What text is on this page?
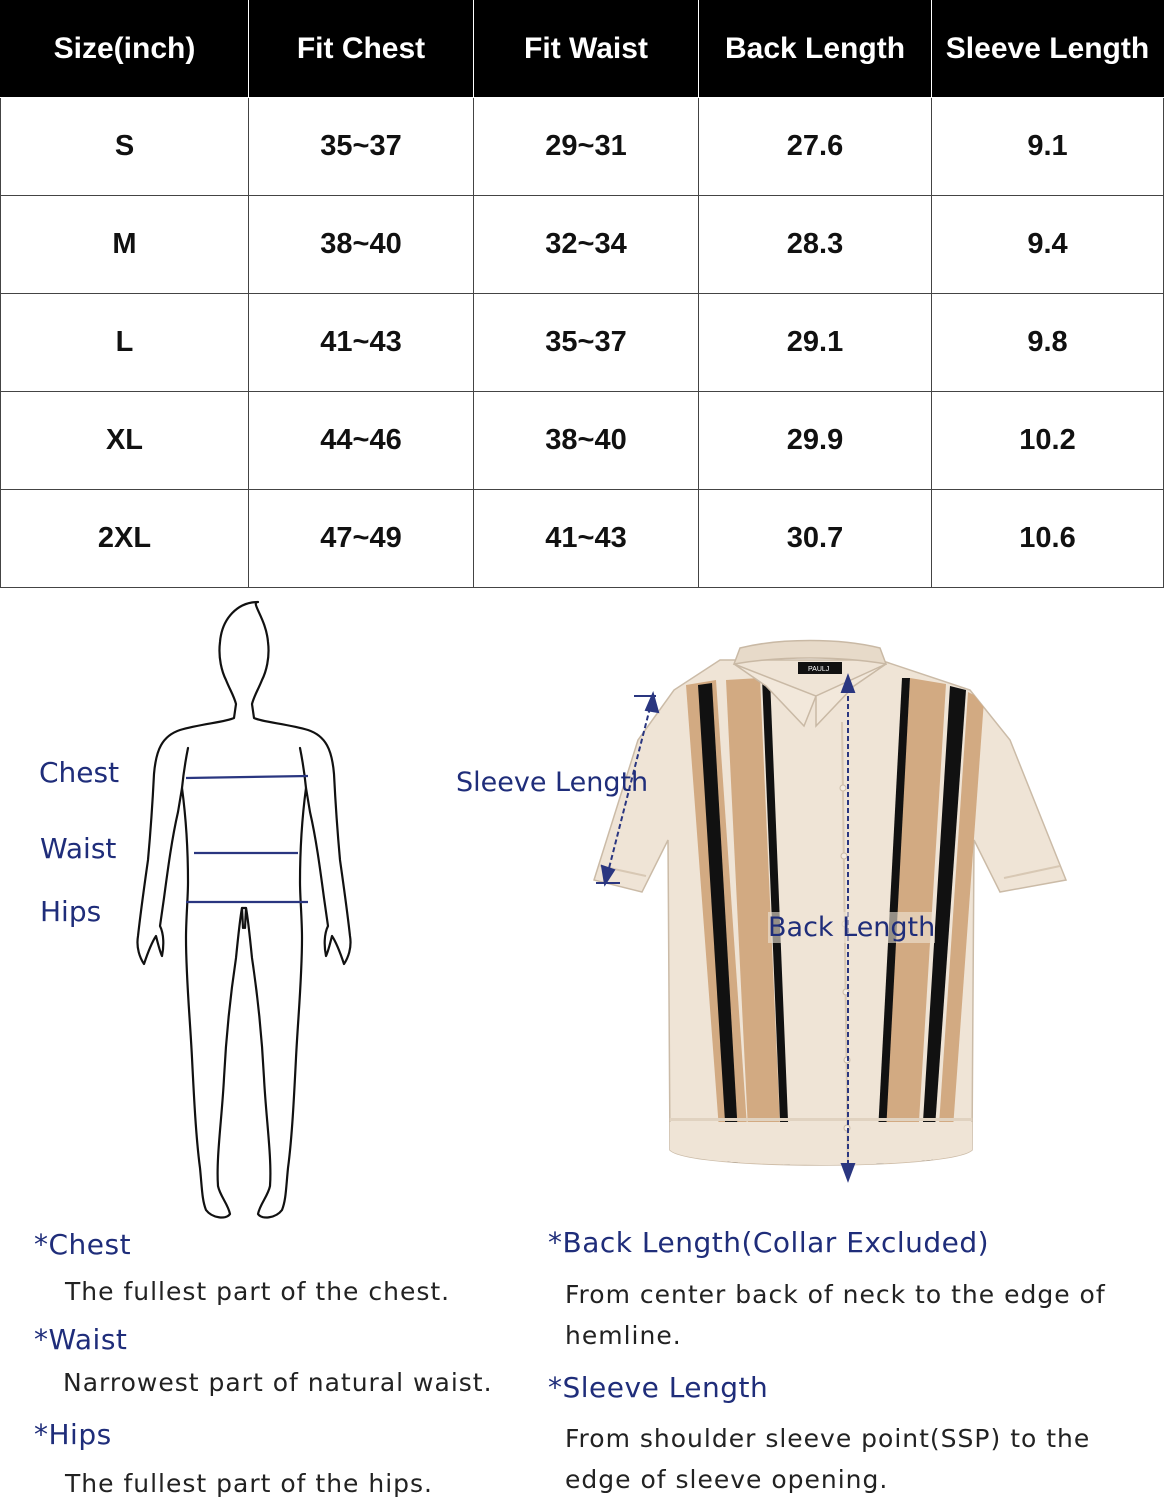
Size(inch)	Fit Chest	Fit Waist	Back Length	Sleeve Length
S	35~37	29~31	27.6	9.1
M	38~40	32~34	28.3	9.4
L	41~43	35~37	29.1	9.8
XL	44~46	38~40	29.9	10.2
2XL	47~49	41~43	30.7	10.6
Chest
Waist
Hips
PAULJ
Sleeve Length
Back Length
*Chest
The fullest part of the chest.
*Waist
Narrowest part of natural waist.
*Hips
The fullest part of the hips.
*Back Length(Collar Excluded)
From center back of neck to the edge of hemline.
*Sleeve Length
From shoulder sleeve point(SSP) to the edge of sleeve opening.
